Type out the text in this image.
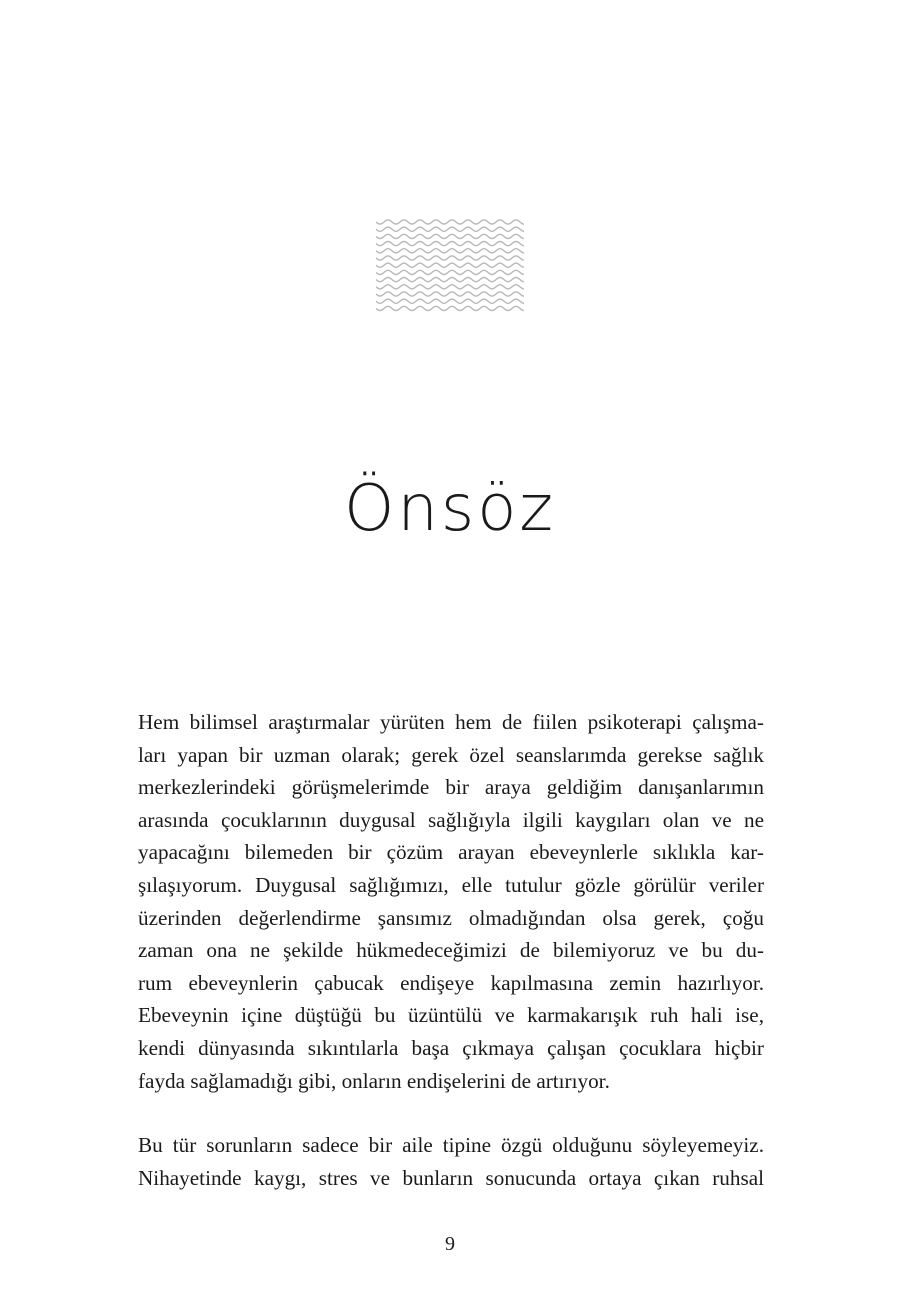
Önsöz
Hem bilimsel araştırmalar yürüten hem de fiilen psikoterapi çalışma-
ları yapan bir uzman olarak; gerek özel seanslarımda gerekse sağlık
merkezlerindeki görüşmelerimde bir araya geldiğim danışanlarımın
arasında çocuklarının duygusal sağlığıyla ilgili kaygıları olan ve ne
yapacağını bilemeden bir çözüm arayan ebeveynlerle sıklıkla kar-
şılaşıyorum. Duygusal sağlığımızı, elle tutulur gözle görülür veriler
üzerinden değerlendirme şansımız olmadığından olsa gerek, çoğu
zaman ona ne şekilde hükmedeceğimizi de bilemiyoruz ve bu du-
rum ebeveynlerin çabucak endişeye kapılmasına zemin hazırlıyor.
Ebeveynin içine düştüğü bu üzüntülü ve karmakarışık ruh hali ise,
kendi dünyasında sıkıntılarla başa çıkmaya çalışan çocuklara hiçbir
fayda sağlamadığı gibi, onların endişelerini de artırıyor.
Bu tür sorunların sadece bir aile tipine özgü olduğunu söyleyemeyiz.
Nihayetinde kaygı, stres ve bunların sonucunda ortaya çıkan ruhsal
9
